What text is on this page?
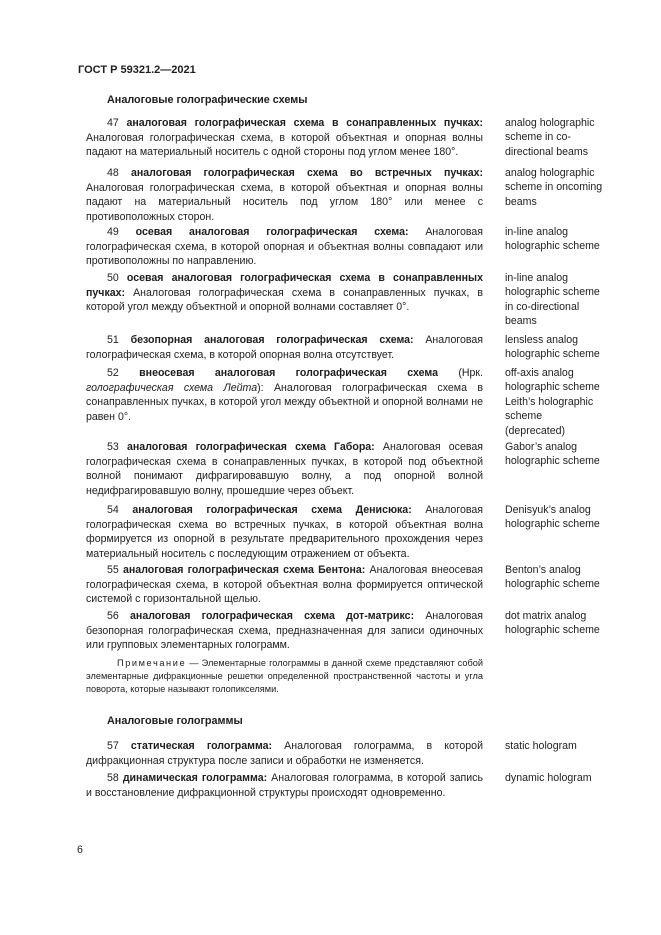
ГОСТ Р 59321.2—2021
Аналоговые голографические схемы
47 аналоговая голографическая схема в сонаправленных пучках: Аналоговая голографическая схема, в которой объектная и опорная волны падают на материальный носитель с одной стороны под углом менее 180°.
analog holographic
scheme in co-
directional beams
48 аналоговая голографическая схема во встречных пучках: Аналоговая голографическая схема, в которой объектная и опорная волны падают на материальный носитель под углом 180° или менее с противоположных сторон.
analog holographic
scheme in oncoming
beams
49 осевая аналоговая голографическая схема: Аналоговая голографическая схема, в которой опорная и объектная волны совпадают или противоположны по направлению.
in-line analog
holographic scheme
50 осевая аналоговая голографическая схема в сонаправленных пучках: Аналоговая голографическая схема в сонаправленных пучках, в которой угол между объектной и опорной волнами составляет 0°.
in-line analog
holographic scheme
in co-directional
beams
51 безопорная аналоговая голографическая схема: Аналоговая голографическая схема, в которой опорная волна отсутствует.
lensless analog
holographic scheme
52 внеосевая аналоговая голографическая схема (Нрк. голографическая схема Лейта): Аналоговая голографическая схема в сонаправленных пучках, в которой угол между объектной и опорной волнами не равен 0°.
off-axis analog
holographic scheme
Leith’s holographic
scheme
(deprecated)
53 аналоговая голографическая схема Габора: Аналоговая осевая голографическая схема в сонаправленных пучках, в которой под объектной волной понимают дифрагировавшую волну, а под опорной волной недифрагировавшую волну, прошедшие через объект.
Gabor’s analog
holographic scheme
54 аналоговая голографическая схема Денисюка: Аналоговая голографическая схема во встречных пучках, в которой объектная волна формируется из опорной в результате предварительного прохождения через материальный носитель с последующим отражением от объекта.
Denisyuk’s analog
holographic scheme
55 аналоговая голографическая схема Бентона: Аналоговая внеосевая голографическая схема, в которой объектная волна формируется оптической системой с горизонтальной щелью.
Benton’s analog
holographic scheme
56 аналоговая голографическая схема дот-матрикс: Аналоговая безопорная голографическая схема, предназначенная для записи одиночных или групповых элементарных голограмм.
dot matrix analog
holographic scheme
Примечание — Элементарные голограммы в данной схеме представляют собой элементарные дифракционные решетки определенной пространственной частоты и угла поворота, которые называют голопикселями.
Аналоговые голограммы
57 статическая голограмма: Аналоговая голограмма, в которой дифракционная структура после записи и обработки не изменяется.
static hologram
58 динамическая голограмма: Аналоговая голограмма, в которой запись и восстановление дифракционной структуры происходят одновременно.
dynamic hologram
6
